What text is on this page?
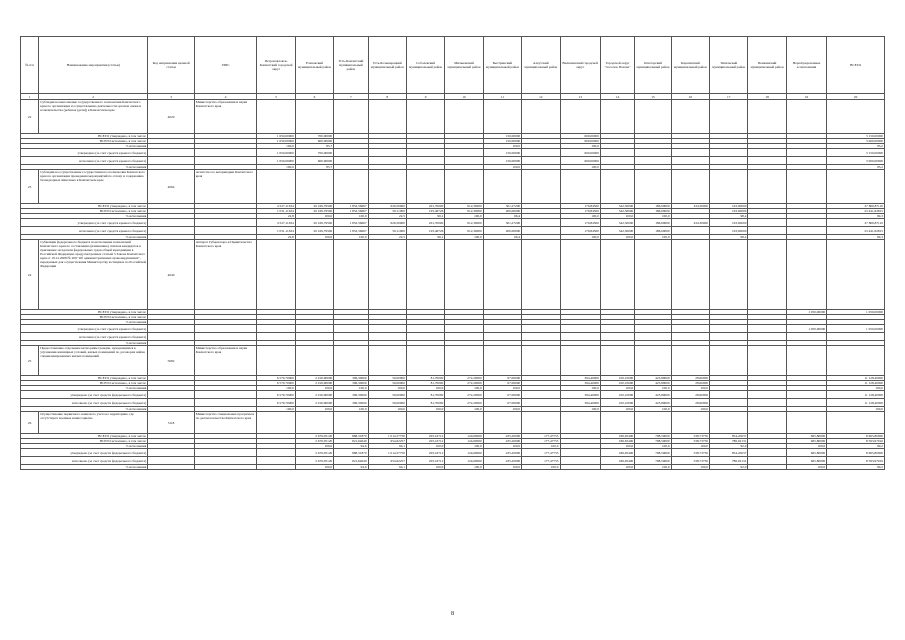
№ п/п	Наименование мероприятия (статьи)	Код направления целевой статьи	ГРБС	Петропавловск-Камчатский городской округ	Елизовский муниципальный район	Усть-Камчатский муниципальный район	Усть-Большерецкий муниципальный район	Соболевский муниципальный район	Мильковский муниципальный район	Быстринский муниципальный район	Алеутский муниципальный район	Вилючинский городской округ	Городской округ "поселок Палана"	Олюторский муниципальный район	Карагинский муниципальный район	Тигильский муниципальный район	Пенжинский муниципальный район	Нераспределенные ассигнования	ВСЕГО
1	2	3	4	5	6	7	8	9	10	11	12	13	14	15	16	17	18	19	20
22	Субсидии на выполнение государственного полномочия Камчатского края по организации и осуществлению деятельности органов опеки и попечительства (ребенок (дети)) в Камчатском крае	4020	Министерство образования и науки Камчатского края																
ВСЕГО утверждено, в том числе:				1 650,00000	700,00000					150,00000		600,00000							3 150,00000
ВСЕГО исполнено, в том числе:				1 650,00000	600,00000					150,00000		600,00000							3 000,00000
% исполнения				100,0	85,7					100,0		100,0							95,2
утверждено (за счет средств краевого бюджета)				1 650,00000	700,00000					150,00000		600,00000							3 150,00000
исполнено (за счет средств краевого бюджета)				1 650,00000	600,00000					150,00000		600,00000							3 000,00000
% исполнения				100,0	85,7					100,0		100,0							95,2
23	Субсидии на осуществление государственного полномочия Камчатского края по организации проведения мероприятий по отлову и содержанию безнадзорных животных в Камчатском крае	4064	Агентство по ветеринарии Камчатского края																
ВСЕГО утверждено, в том числе:				4 527,11634	20 169,79500	1 852,56667	629,50000	201,70000	912,30000	301,27200		179,84500	542,30000	186,00000	434,30000	163,00000			27 806,87110
ВСЕГО исполнено, в том числе:				1 031,11634	20 169,79500	1 852,56667	59,11000	193,46726	912,30000	200,00000		179,84500	542,30000	186,00000		163,00000			23 441,62815
% исполнения				22,8	100,0	100,0	22,5	96,1	100,0	66,4		100,0	100,0	100,0		98,4			84,3
утверждено (за счет средств краевого бюджета)				4 527,11634	20 169,79500	1 852,56667	629,50000	201,70000	912,30000	301,27200		179,84500	542,30000	186,00000	434,30000	163,00000			27 806,87110
исполнено (за счет средств краевого бюджета)				1 031,11634	20 169,79500	1 852,56667	59,11000	193,46726	912,30000	200,00000		179,84500	542,30000	186,00000		163,00000			23 441,62815
% исполнения				22,8	100,0	100,0	22,5	96,1	100,0	66,4		100,0	100,0	100,0		98,4			84,3
24	Субвенции федерального бюджета на исполнение полномочий Камчатского края по составлению (изменению) списков кандидатов в присяжные заседатели федеральных судов общей юрисдикции в Российской Федерации, предусмотренных статьей 5 Закона Камчатского края от 19.12.2008 № 209 "Об административных правонарушениях", переданных для осуществления Министерству юстиции и по Российской Федерации	4040	Аппарат Губернатора и Правительства Камчатского края																
ВСЕГО утверждено, в том числе:																		1 050,00000	1 050,00000
ВСЕГО исполнено, в том числе:																			
% исполнения																			
утверждено (за счет средств краевого бюджета)																		1 050,00000	1 050,00000
исполнено (за счет средств краевого бюджета)																			
% исполнения																			
25	Предоставление отдельным категориям граждан, нуждающимся в улучшении жилищных условий, жилых помещений по договорам найма специализированных жилых помещений	5082	Министерство образования и науки Камчатского края																
ВСЕГО утверждено, в том числе:				6 579,70000	2 016,90000	306,30000	59,00000	81,70000	272,20000	67,00000		394,40000	100,10000	423,80000	28,60000				11 128,40000
ВСЕГО исполнено, в том числе:				6 579,70000	2 016,90000	306,30000	59,00000	81,70000	272,20000	67,00000		394,40000	100,10000	423,80000	28,60000				11 128,40000
% исполнения				100,0	100,0	100,0	100,0	100,0	100,0	100,0		100,0	100,0	100,0	100,0				100,0
утверждено (за счет средств федерального бюджета)				6 579,70000	2 016,90000	306,30000	59,00000	81,70000	272,20000	67,00000		394,40000	100,10000	423,80000	28,60000				11 128,40000
исполнено (за счет средств федерального бюджета)				6 579,70000	2 016,90000	306,30000	59,00000	81,70000	272,20000	67,00000		394,40000	100,10000	423,80000	28,60000				11 128,40000
% исполнения				100,0	100,0	100,0	100,0	100,0	100,0	100,0		100,0	100,0	100,0	100,0				100,0
26	Осуществление первичного воинского учета на территориях, где отсутствуют военные комиссариаты	5118	Министерство специальных программ и по делам казачества Камчатского края																
ВСЕГО утверждено, в том числе:					2 679,05120	868,31870	1 014,57750	203,16712	124,60000	435,20000	177,47755		186,65400	798,50000	538,73750	854,45637		665,80000	8 665,80000
ВСЕГО исполнено, в том числе:					2 679,05120	821,64649	954,62257	203,16712	124,60000	435,20000	177,47755		186,65400	798,50000	538,73750	786,02131		665,80000	8 593,97916
% исполнения					100,0	94,6	94,1	100,0	100,0	100,0	100,0		100,0	100,0	100,0	92,0		100,0	99,2
утверждено (за счет средств федерального бюджета)					2 679,05120	868,31870	1 014,57750	203,16712	124,60000	435,20000	177,47755		186,65400	798,50000	538,73750	854,45637		665,80000	8 665,80000
исполнено (за счет средств федерального бюджета)					2 679,05120	821,64649	954,62257	203,16712	124,60000	435,20000	177,47755		186,65400	798,50000	538,73750	786,02131		665,80000	8 593,97916
% исполнения					100,0	94,6	94,1	100,0	100,0	100,0	100,0		100,0	100,0	100,0	92,0		100,0	99,2
8
